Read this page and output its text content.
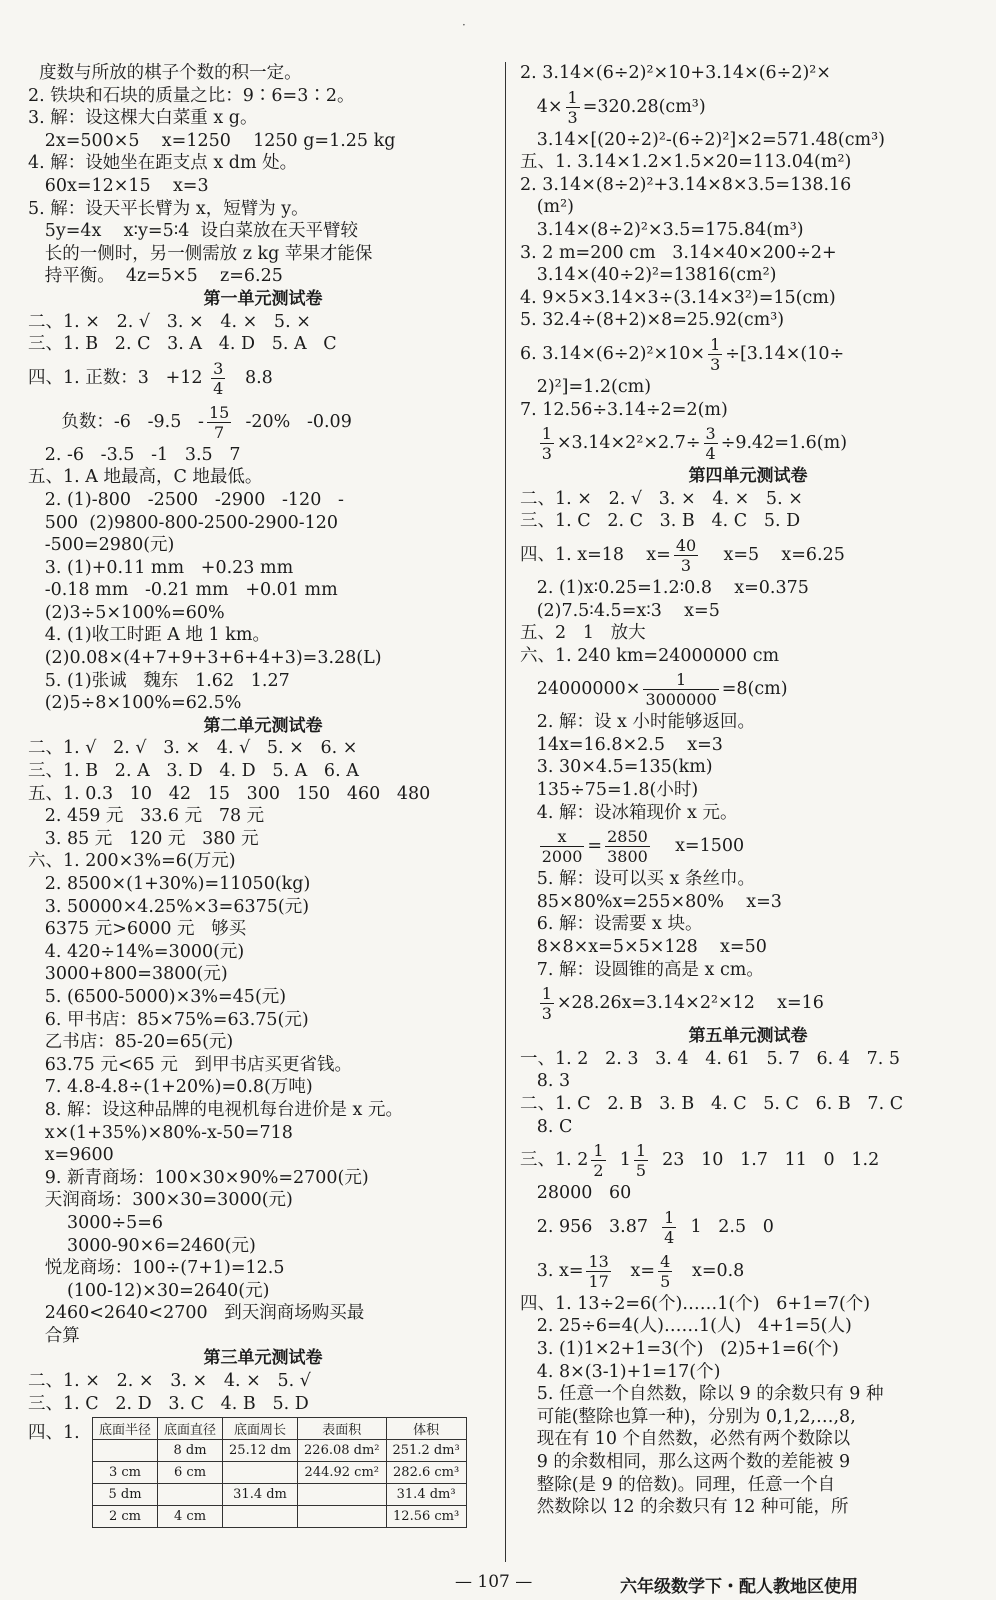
·
度数与所放的棋子个数的积一定。
2. 铁块和石块的质量之比：9∶6=3∶2。
3. 解：设这棵大白菜重 x g。
2x=500×5    x=1250    1250 g=1.25 kg
4. 解：设她坐在距支点 x dm 处。
60x=12×15    x=3
5. 解：设天平长臂为 x，短臂为 y。
5y=4x    x∶y=5∶4  设白菜放在天平臂较
长的一侧时，另一侧需放 z kg 苹果才能保
持平衡。  4z=5×5    z=6.25
第一单元测试卷
二、1. ×   2. √   3. ×   4. ×   5. ×
三、1. B   2. C   3. A   4. D   5. A   C
四、1. 正数：$3 +12 \frac{3}{4} 8.8$
负数：-6   $-9.5 - \frac{15}{7} -20\%$   -0.09
2. -6   -3.5   -1   3.5   7
五、1. A 地最高，C 地最低。
2. (1)-800   -2500   -2900   -120   -
500  (2)9800-800-2500-2900-120
-500=2980(元)
3. (1)+0.11 mm   +0.23 mm
-0.18 mm   -0.21 mm   +0.01 mm
(2)3÷5×100%=60%
4. (1)收工时距 A 地 1 km。
(2)0.08×(4+7+9+3+6+4+3)=3.28(L)
5. (1)张诚   魏东   1.62   1.27
(2)5÷8×100%=62.5%
第二单元测试卷
二、1. √   2. √   3. ×   4. √   5. ×   6. ×
三、1. B   2. A   3. D   4. D   5. A   6. A
五、1. 0.3   10   42   15   300   150   460   480
2. 459 元   33.6 元   78 元
3. 85 元   120 元   380 元
六、1. 200×3%=6(万元)
2. 8500×(1+30%)=11050(kg)
3. 50000×4.25%×3=6375(元)
6375 元>6000 元   够买
4. 420÷14%=3000(元)
3000+800=3800(元)
5. (6500-5000)×3%=45(元)
6. 甲书店：85×75%=63.75(元)
乙书店：85-20=65(元)
63.75 元<65 元   到甲书店买更省钱。
7. 4.8-4.8÷(1+20%)=0.8(万吨)
8. 解：设这种品牌的电视机每台进价是 x 元。
x×(1+35%)×80%-x-50=718
x=9600
9. 新青商场：100×30×90%=2700(元)
天润商场：300×30=3000(元)
3000÷5=6
3000-90×6=2460(元)
悦龙商场：100÷(7+1)=12.5
(100-12)×30=2640(元)
2460<2640<2700   到天润商场购买最
合算
第三单元测试卷
二、1. ×   2. ×   3. ×   4. ×   5. √
三、1. C   2. D   3. C   4. B   5. D
四、1. 底面半径	底面直径	底面周长	表面积	体积
	8 dm	25.12 dm	226.08 dm²	251.2 dm³
3 cm	6 cm		244.92 cm²	282.6 cm³
5 dm		31.4 dm		31.4 dm³
2 cm	4 cm			12.56 cm³
2. 3.14×(6÷2)²×10+3.14×(6÷2)²×
$4\times \frac{1}{3} =320.28(cm^3)$
3.14×[(20÷2)²-(6÷2)²]×2=571.48(cm³)
五、1. 3.14×1.2×1.5×20=113.04(m²)
2. 3.14×(8÷2)²+3.14×8×3.5=138.16
(m²)
3.14×(8÷2)²×3.5=175.84(m³)
3. 2 m=200 cm   3.14×40×200÷2+
3.14×(40÷2)²=13816(cm²)
4. 9×5×3.14×3÷(3.14×3²)=15(cm)
5. 32.4÷(8+2)×8=25.92(cm³)
6. $3.14\times(6\div 2)^2\times 10\times \frac{1}{3} \div[3.14\times(10\div$
2)²]=1.2(cm)
7. 12.56÷3.14÷2=2(m)

$\frac{1}{3} \times 3.14\times 2^2\times 2.7\div \frac{3}{4} \div 9.42=1.6(m)$
第四单元测试卷
二、1. ×   2. √   3. ×   4. ×   5. ×
三、1. C   2. C   3. B   4. C   5. D
四、1. x=18    $x= \frac{40}{3} x=5$    x=6.25
2. (1)x∶0.25=1.2∶0.8    x=0.375
(2)7.5∶4.5=x∶3    x=5
五、2   1   放大
六、1. 240 km=24000000 cm
$24000000\times \frac{1}{3000000} =8(cm)$
2. 解：设 x 小时能够返回。
14x=16.8×2.5    x=3
3. 30×4.5=135(km)
135÷75=1.8(小时)
4. 解：设冰箱现价 x 元。

$\frac{x}{2000} = \frac{2850}{3800} x=1500$
5. 解：设可以买 x 条丝巾。
85×80%x=255×80%    x=3
6. 解：设需要 x 块。
8×8×x=5×5×128    x=50
7. 解：设圆锥的高是 x cm。

$\frac{1}{3} \times 28.26x=3.14\times 2^2\times 12$    x=16
第五单元测试卷
一、1. 2   2. 3   3. 4   4. 61   5. 7   6. 4   7. 5
8. 3
二、1. C   2. B   3. B   4. C   5. C   6. B   7. C
8. C
三、1. $2 \frac{1}{2} 1 \frac{1}{5} 23$   10   1.7   11   0   1.2
28000   60
2. 956   $3.87 \frac{1}{4} 1$   2.5   0
3. $x= \frac{13}{17} x= \frac{4}{5} x=0.8$
四、1. 13÷2=6(个)……1(个)   6+1=7(个)
2. 25÷6=4(人)……1(人)   4+1=5(人)
3. (1)1×2+1=3(个)   (2)5+1=6(个)
4. 8×(3-1)+1=17(个)
5. 任意一个自然数，除以 9 的余数只有 9 种
可能(整除也算一种)，分别为 0,1,2,…,8,
现在有 10 个自然数，必然有两个数除以
9 的余数相同，那么这两个数的差能被 9
整除(是 9 的倍数)。同理，任意一个自
然数除以 12 的余数只有 12 种可能，所
— 107 —	六年级数学下・配人教地区使用
